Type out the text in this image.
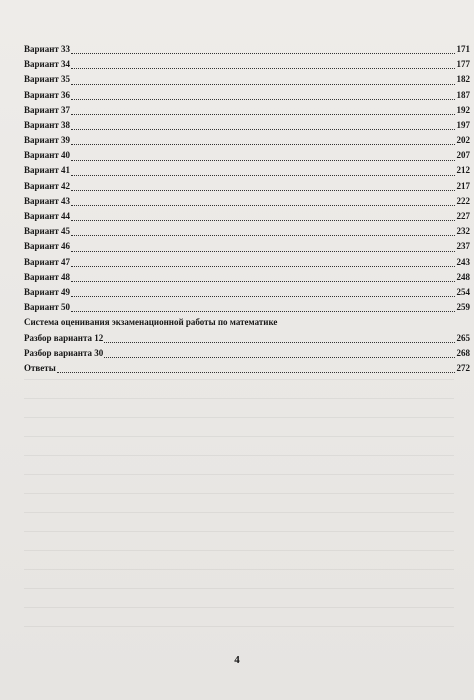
Вариант 33	171
Вариант 34	177
Вариант 35	182
Вариант 36	187
Вариант 37	192
Вариант 38	197
Вариант 39	202
Вариант 40	207
Вариант 41	212
Вариант 42	217
Вариант 43	222
Вариант 44	227
Вариант 45	232
Вариант 46	237
Вариант 47	243
Вариант 48	248
Вариант 49	254
Вариант 50	259
Система оценивания экзаменационной работы по математике
Разбор варианта 12	265
Разбор варианта 30	268
Ответы	272
4
